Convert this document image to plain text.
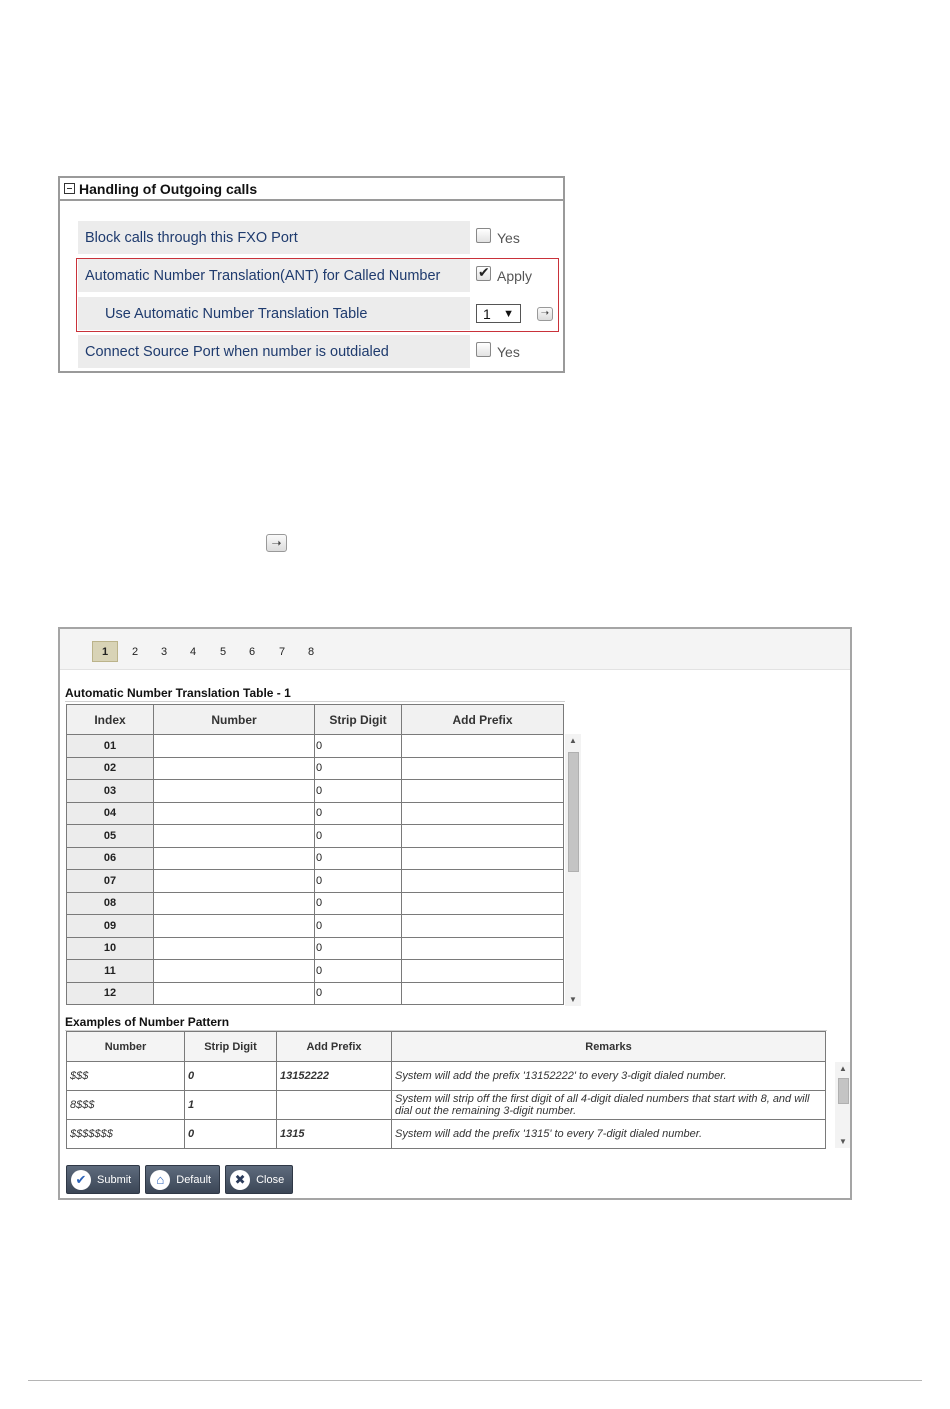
Handling of Outgoing calls
Block calls through this FXO Port	Yes
Automatic Number Translation(ANT) for Called Number ✔	Apply
Use Automatic Number Translation Table	1 ▼	➝
Connect Source Port when number is outdialed	Yes
➝
1	2	3	4	5	6	7	8
Automatic Number Translation Table - 1
Index	Number	Strip Digit	Add Prefix
01		0	
02		0	
03		0	
04		0	
05		0	
06		0	
07		0	
08		0	
09		0	
10		0	
11		0	
12		0	
▲
▼
Examples of Number Pattern
Number	Strip Digit	Add Prefix	Remarks
$$$	0	13152222	System will add the prefix '13152222' to every 3-digit dialed number.
8$$$	1		System will strip off the first digit of all 4-digit dialed numbers that start with 8, and will dial out the remaining 3-digit number.
$$$$$$$	0	1315	System will add the prefix '1315' to every 7-digit dialed number.
▲
▼
✔ Submit	⌂	Default	✖ Close
